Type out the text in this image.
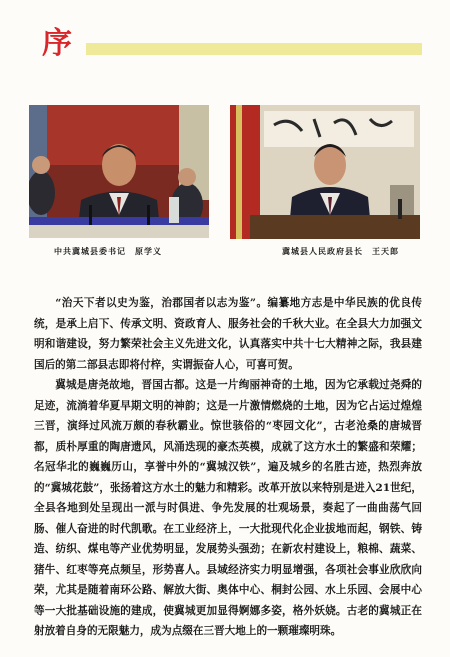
序
中共冀城县委书记　原学义	冀城县人民政府县长　王天郎

“治天下者以史为鉴，治郡国者以志为鉴”。编纂地方志是中华民族的优良传统，是承上启下、传承文明、资政育人、服务社会的千秋大业。在全县大力加强文明和谐建设，努力繁荣社会主义先进文化，认真落实中共十七大精神之际，我县建国后的第二部县志即将付梓，实谓振奋人心，可喜可贺。

冀城是唐尧故地，晋国古都。这是一片绚丽神奇的土地，因为它承载过尧舜的足迹，流淌着华夏早期文明的神韵；这是一片激情燃烧的土地，因为它占运过煌煌三晋，演绎过风流万颇的春秋霸业。惊世骇俗的“枣园文化”，古老沧桑的唐城晋都，质朴厚重的陶唐遗风，风涌迭现的豪杰英模，成就了这方水土的繁盛和荣耀；名冠华北的巍巍历山，享誉中外的“冀城汉铁”，遍及城乡的名胜古迹，热烈奔放的“冀城花鼓”，张扬着这方水土的魅力和精彩。改革开放以来特别是进入21世纪，全县各地到处呈现出一派与时俱进、争先发展的壮观场景，奏起了一曲曲荡气回肠、催人奋进的时代凯歌。在工业经济上，一大批现代化企业拔地而起，钢铁、铸造、纺织、煤电等产业优势明显，发展势头强劲；在新农村建设上，粮棉、蔬菜、猪牛、红枣等亮点频呈，形势喜人。县域经济实力明显增强，各项社会事业欣欣向荣，尤其是随着南环公路、解放大街、奥体中心、桐封公园、水上乐园、会展中心等一大批基础设施的建成，使冀城更加显得婀娜多姿，格外妖娆。古老的冀城正在射放着自身的无限魅力，成为点缀在三晋大地上的一颗璀璨明珠。
